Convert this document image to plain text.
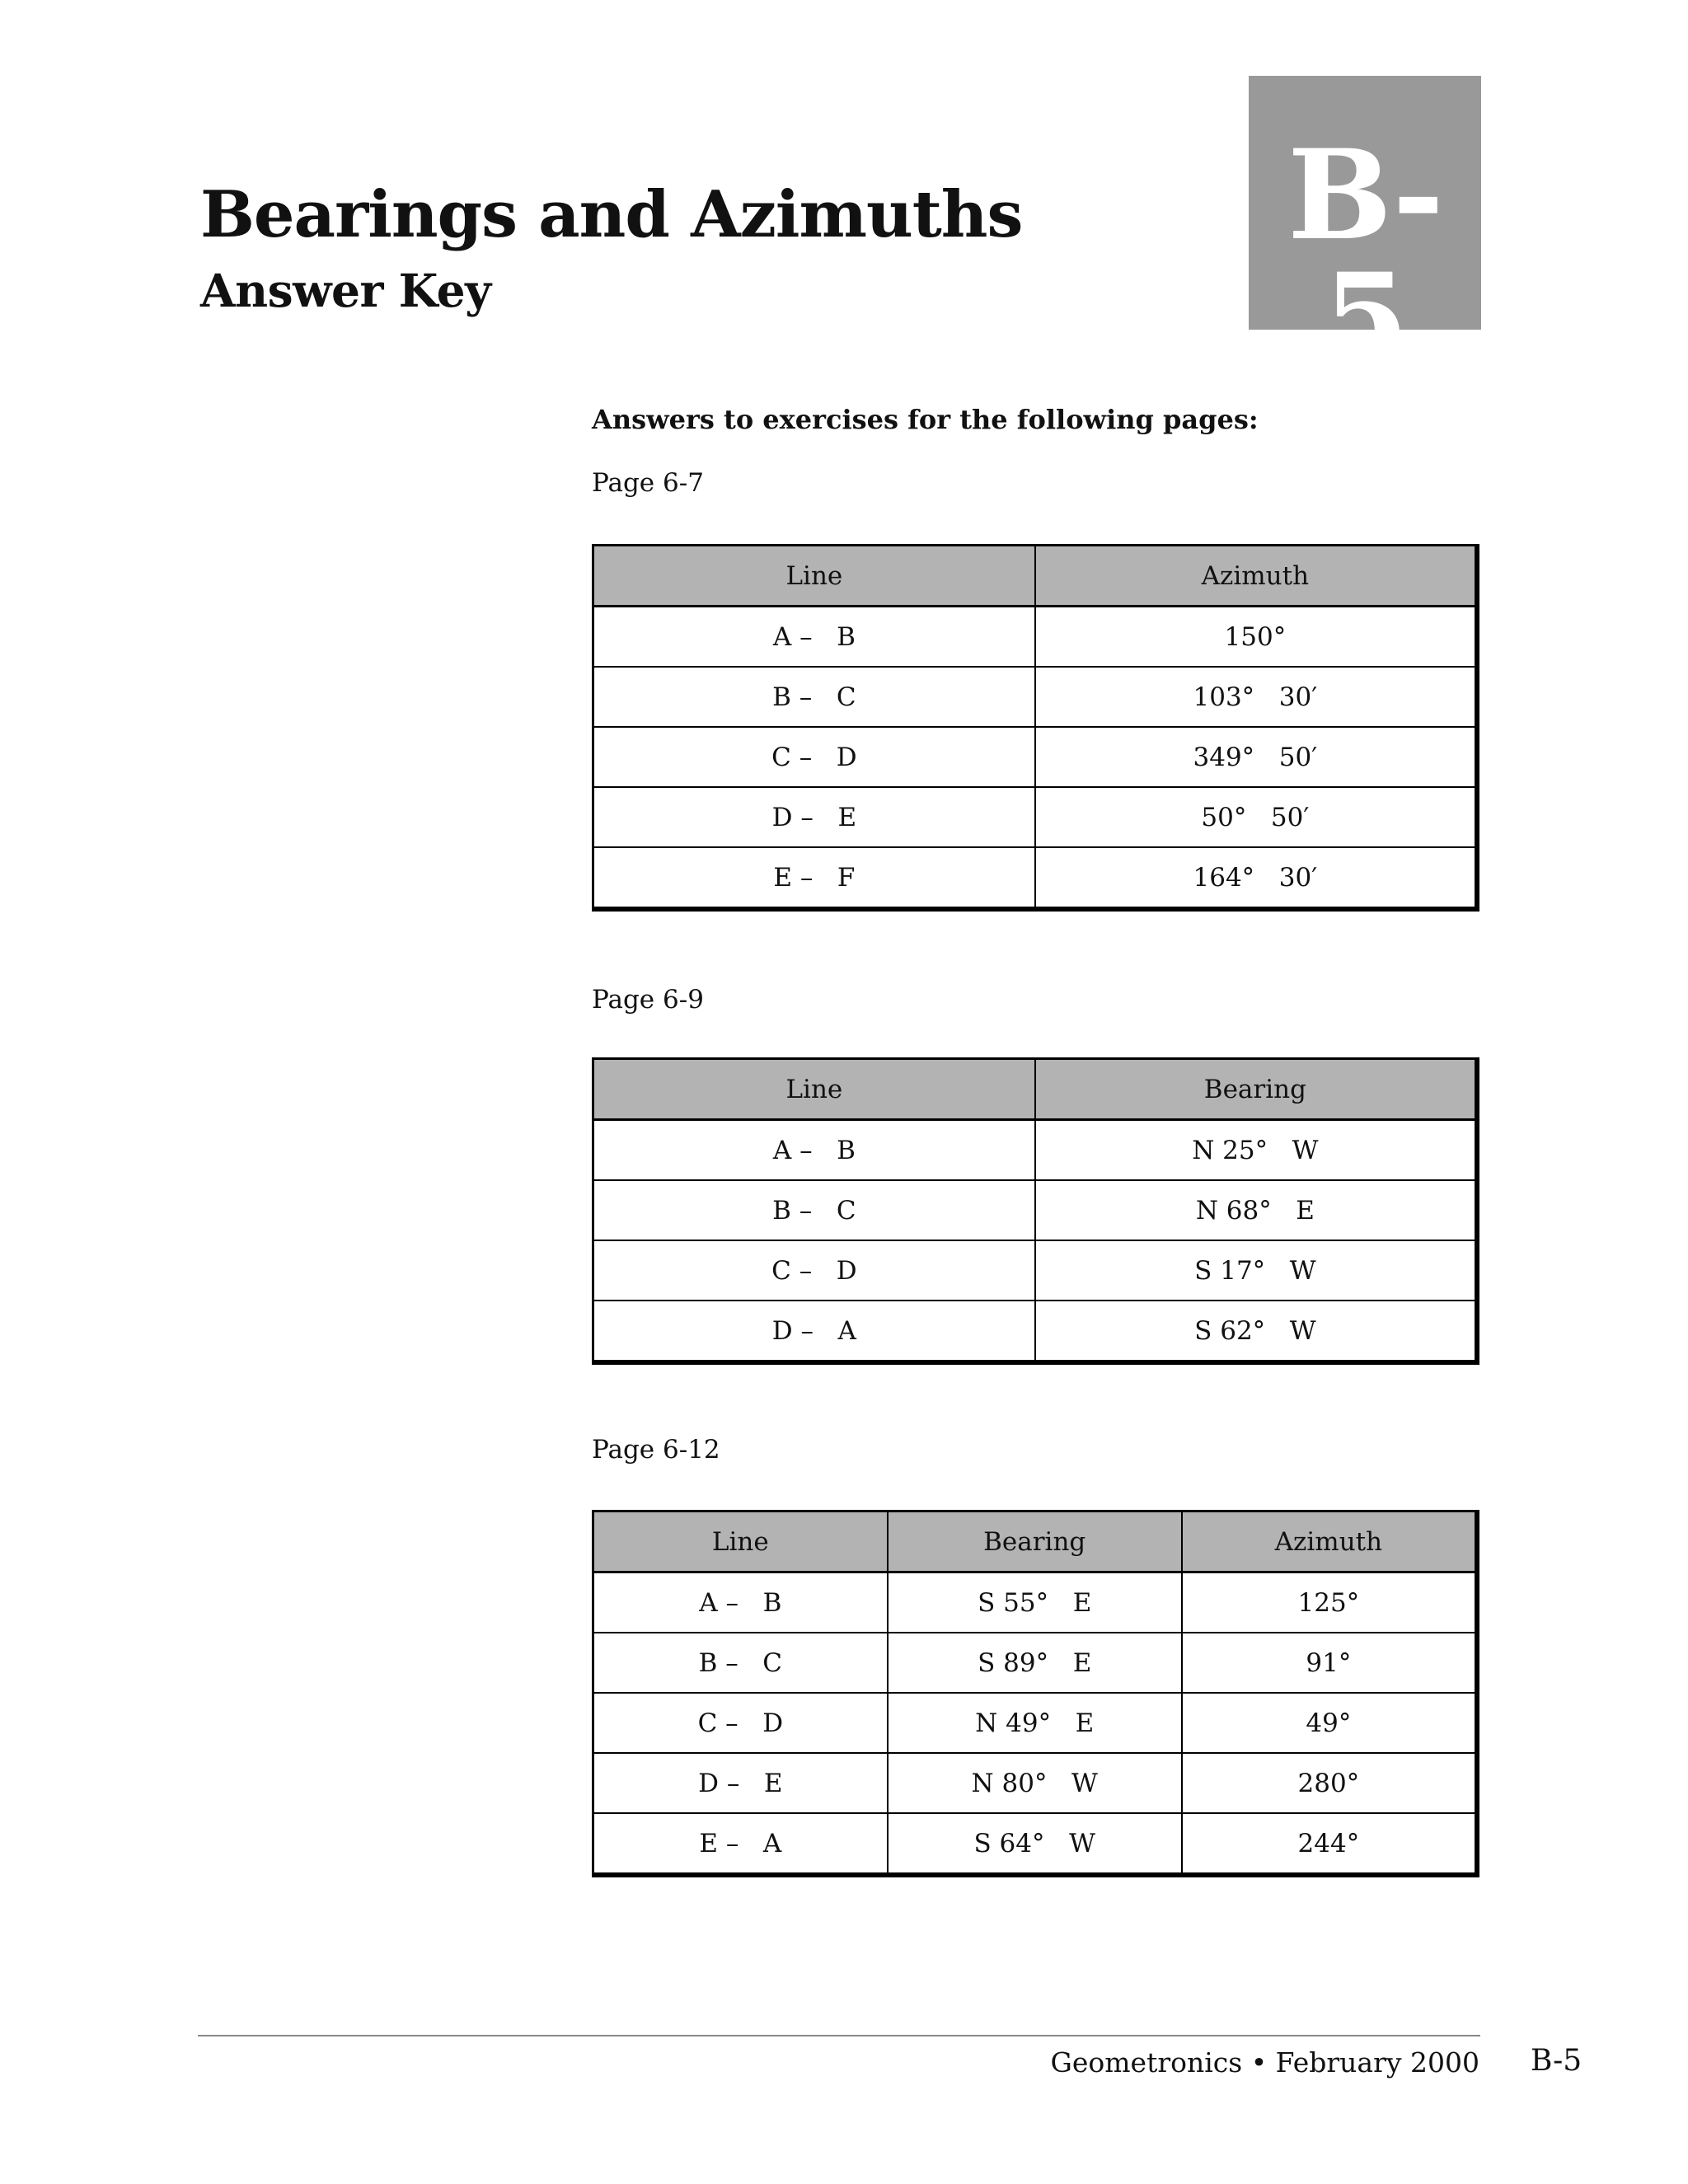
Bearings and Azimuths
Answer Key
B-5

Answers to exercises for the following pages:

Page 6-7

Line	Azimuth
A –   B	150°
B –   C	103°   30′
C –   D	349°   50′
D –   E	50°   50′
E –   F	164°   30′

Page 6-9

Line	Bearing
A –   B	N 25°   W
B –   C	N 68°   E
C –   D	S 17°   W
D –   A	S 62°   W

Page 6-12

Line	Bearing	Azimuth
A –   B	S 55°   E	125°
B –   C	S 89°   E	91°
C –   D	N 49°   E	49°
D –   E	N 80°   W	280°
E –   A	S 64°   W	244°

Geometronics • February 2000 B-5
